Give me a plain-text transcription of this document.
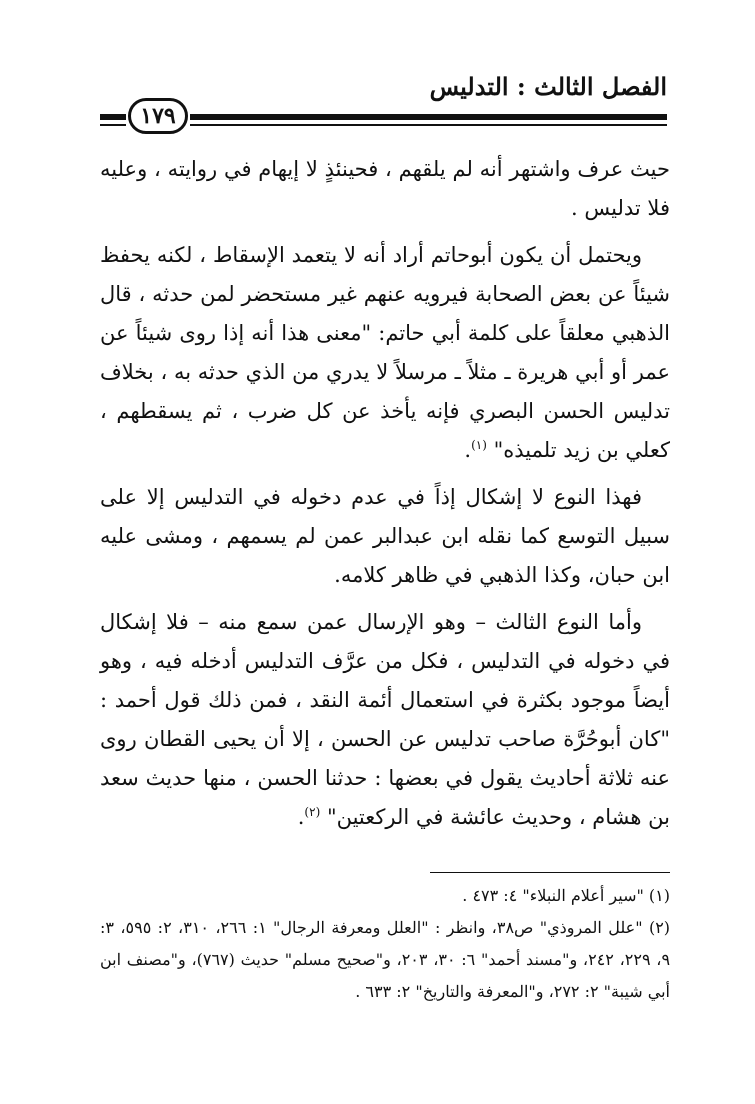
الفصل الثالث : التدليس
١٧٩

حيث عرف واشتهر أنه لم يلقهم ، فحينئذٍ لا إيهام في روايته ، وعليه فلا تدليس .

ويحتمل أن يكون أبوحاتم أراد أنه لا يتعمد الإسقاط ، لكنه يحفظ شيئاً عن بعض الصحابة فيرويه عنهم غير مستحضر لمن حدثه ، قال الذهبي معلقاً على كلمة أبي حاتم: "معنى هذا أنه إذا روى شيئاً عن عمر أو أبي هريرة ـ مثلاً ـ مرسلاً لا يدري من الذي حدثه به ، بخلاف تدليس الحسن البصري فإنه يأخذ عن كل ضرب ، ثم يسقطهم ، كعلي بن زيد تلميذه" $^{(١)}$.

فهذا النوع لا إشكال إذاً في عدم دخوله في التدليس إلا على سبيل التوسع كما نقله ابن عبدالبر عمن لم يسمهم ، ومشى عليه ابن حبان، وكذا الذهبي في ظاهر كلامه.

وأما النوع الثالث – وهو الإرسال عمن سمع منه – فلا إشكال في دخوله في التدليس ، فكل من عرَّف التدليس أدخله فيه ، وهو أيضاً موجود بكثرة في استعمال أئمة النقد ، فمن ذلك قول أحمد : "كان أبوحُرَّة صاحب تدليس عن الحسن ، إلا أن يحيى القطان روى عنه ثلاثة أحاديث يقول في بعضها : حدثنا الحسن ، منها حديث سعد بن هشام ، وحديث عائشة في الركعتين" $^{(٢)}$.

(١) "سير أعلام النبلاء" ٤: ٤٧٣ .

(٢) "علل المروذي" ص٣٨، وانظر : "العلل ومعرفة الرجال" ١: ٢٦٦، ٣١٠، ٢: ٥٩٥، ٣: ٩، ٢٢٩، ٢٤٢، و"مسند أحمد" ٦: ٣٠، ٢٠٣، و"صحيح مسلم" حديث (٧٦٧)، و"مصنف ابن أبي شيبة" ٢: ٢٧٢، و"المعرفة والتاريخ" ٢: ٦٣٣ .
